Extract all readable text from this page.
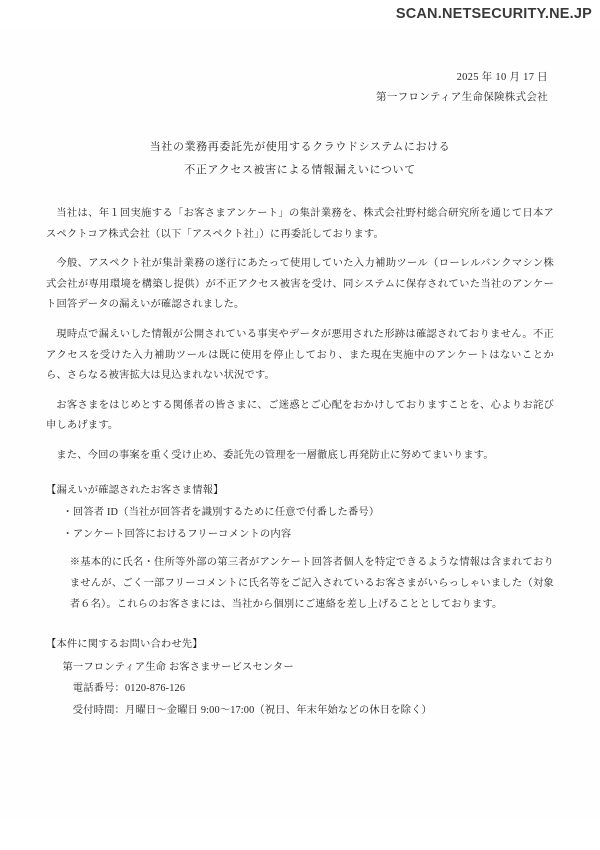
SCAN.NETSECURITY.NE.JP
2025 年 10 月 17 日
第一フロンティア生命保険株式会社
当社の業務再委託先が使用するクラウドシステムにおける
不正アクセス被害による情報漏えいについて

当社は、年１回実施する「お客さまアンケート」の集計業務を、株式会社野村総合研究所を通じて日本アスペクトコア株式会社（以下「アスペクト社」）に再委託しております。

今般、アスペクト社が集計業務の遂行にあたって使用していた入力補助ツール（ローレルバンクマシン株式会社が専用環境を構築し提供）が不正アクセス被害を受け、同システムに保存されていた当社のアンケート回答データの漏えいが確認されました。

現時点で漏えいした情報が公開されている事実やデータが悪用された形跡は確認されておりません。不正アクセスを受けた入力補助ツールは既に使用を停止しており、また現在実施中のアンケートはないことから、さらなる被害拡大は見込まれない状況です。

お客さまをはじめとする関係者の皆さまに、ご迷惑とご心配をおかけしておりますことを、心よりお詫び申しあげます。

また、今回の事案を重く受け止め、委託先の管理を一層徹底し再発防止に努めてまいります。

【漏えいが確認されたお客さま情報】

・回答者 ID（当社が回答者を識別するために任意で付番した番号）

・アンケート回答におけるフリーコメントの内容

※基本的に氏名・住所等外部の第三者がアンケート回答者個人を特定できるような情報は含まれておりませんが、ごく一部フリーコメントに氏名等をご記入されているお客さまがいらっしゃいました（対象者６名）。これらのお客さまには、当社から個別にご連絡を差し上げることとしております。

【本件に関するお問い合わせ先】

第一フロンティア生命 お客さまサービスセンター

電話番号：0120-876-126

受付時間：月曜日〜金曜日 9:00〜17:00（祝日、年末年始などの休日を除く）
